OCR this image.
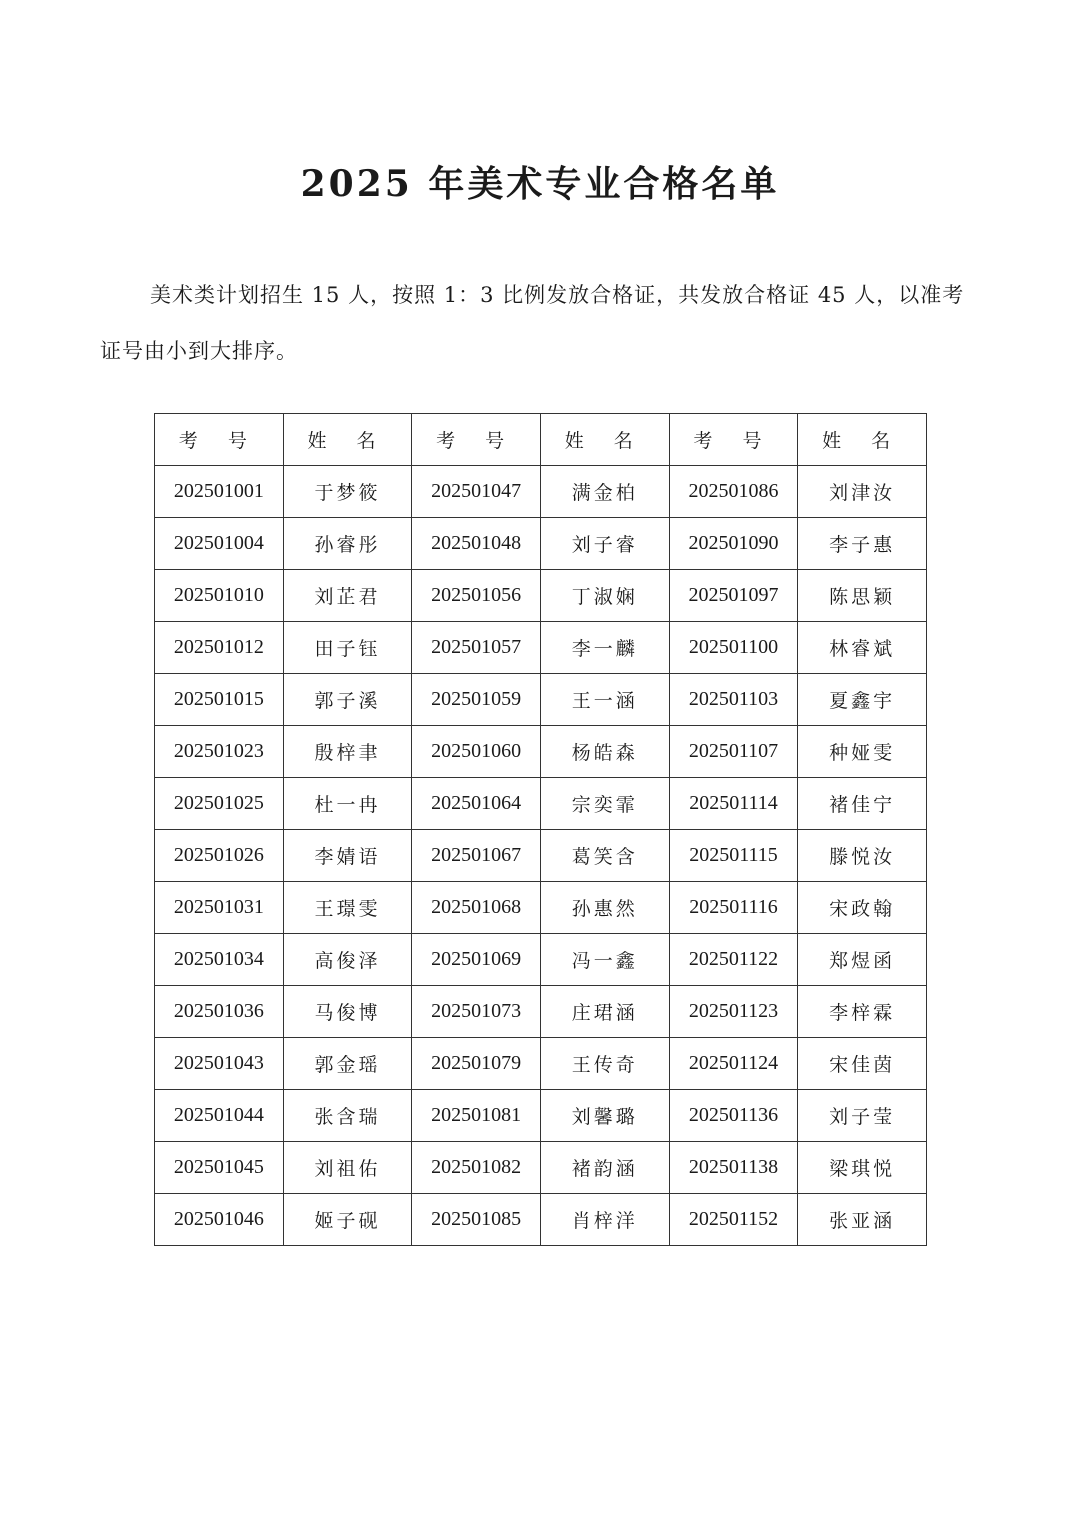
2025 年美术专业合格名单

美术类计划招生 15 人，按照 1：3 比例发放合格证，共发放合格证 45 人，以准考证号由小到大排序。

考 号	姓 名	考 号	姓 名	考 号	姓 名
202501001	于梦筱	202501047	满金柏	202501086	刘津汝
202501004	孙睿彤	202501048	刘子睿	202501090	李子惠
202501010	刘芷君	202501056	丁淑娴	202501097	陈思颖
202501012	田子钰	202501057	李一麟	202501100	林睿斌
202501015	郭子溪	202501059	王一涵	202501103	夏鑫宇
202501023	殷梓聿	202501060	杨皓森	202501107	种娅雯
202501025	杜一冉	202501064	宗奕霏	202501114	褚佳宁
202501026	李婧语	202501067	葛笑含	202501115	滕悦汝
202501031	王璟雯	202501068	孙惠然	202501116	宋政翰
202501034	高俊泽	202501069	冯一鑫	202501122	郑煜函
202501036	马俊博	202501073	庄珺涵	202501123	李梓霖
202501043	郭金瑶	202501079	王传奇	202501124	宋佳茵
202501044	张含瑞	202501081	刘馨璐	202501136	刘子莹
202501045	刘祖佑	202501082	褚韵涵	202501138	梁琪悦
202501046	姬子砚	202501085	肖梓洋	202501152	张亚涵
